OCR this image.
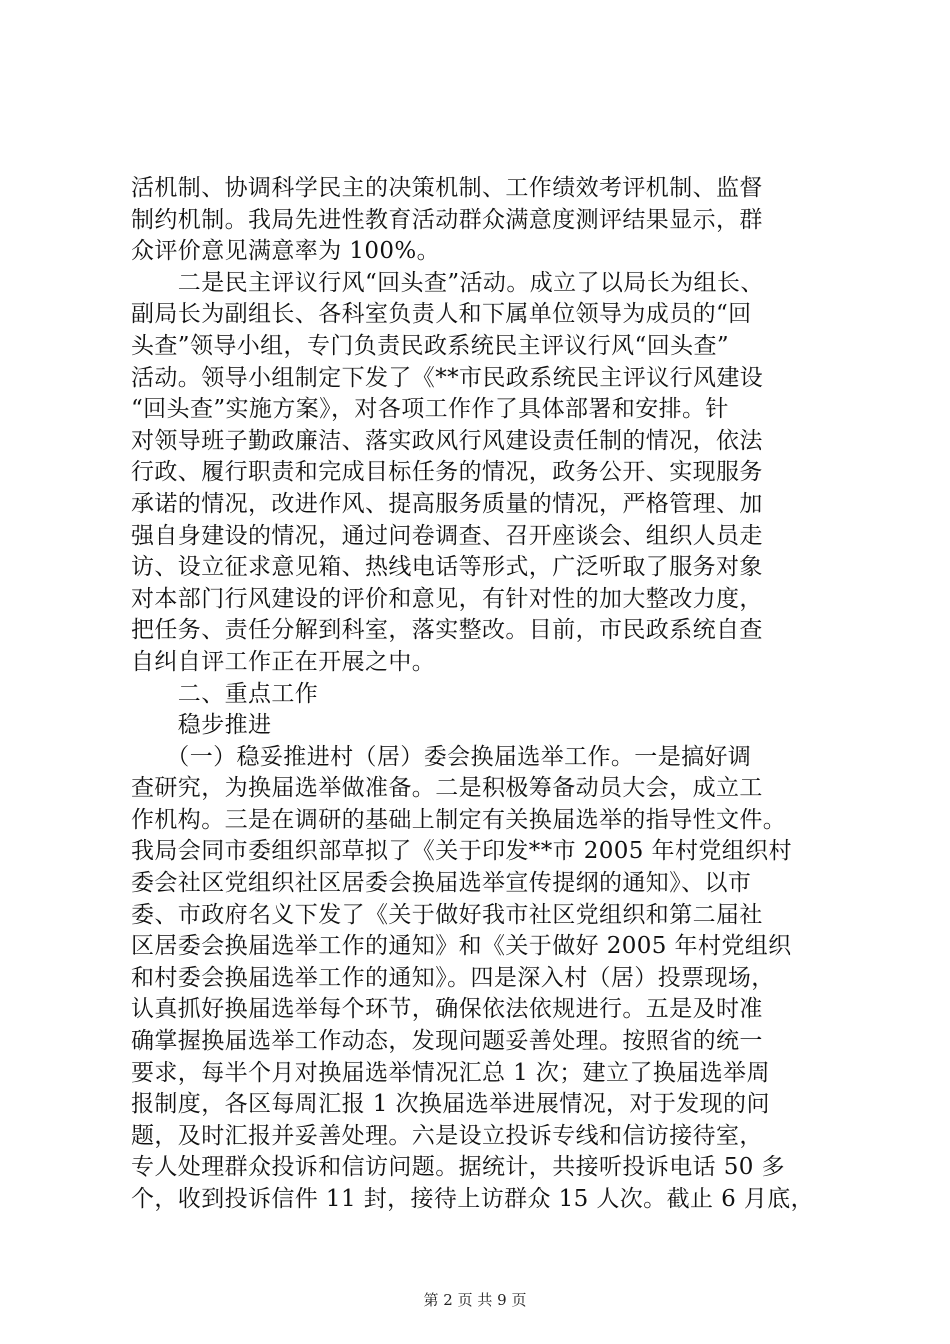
活机制、协调科学民主的决策机制、工作绩效考评机制、监督
制约机制。我局先进性教育活动群众满意度测评结果显示，群
众评价意见满意率为 100%。
　　二是民主评议行风“回头查”活动。成立了以局长为组长、
副局长为副组长、各科室负责人和下属单位领导为成员的“回
头查”领导小组，专门负责民政系统民主评议行风“回头查”
活动。领导小组制定下发了《**市民政系统民主评议行风建设
“回头查”实施方案》，对各项工作作了具体部署和安排。针
对领导班子勤政廉洁、落实政风行风建设责任制的情况，依法
行政、履行职责和完成目标任务的情况，政务公开、实现服务
承诺的情况，改进作风、提高服务质量的情况，严格管理、加
强自身建设的情况，通过问卷调查、召开座谈会、组织人员走
访、设立征求意见箱、热线电话等形式，广泛听取了服务对象
对本部门行风建设的评价和意见，有针对性的加大整改力度，
把任务、责任分解到科室，落实整改。目前，市民政系统自查
自纠自评工作正在开展之中。
　　二、重点工作
　　稳步推进
　　（一）稳妥推进村（居）委会换届选举工作。一是搞好调
查研究，为换届选举做准备。二是积极筹备动员大会，成立工
作机构。三是在调研的基础上制定有关换届选举的指导性文件。
我局会同市委组织部草拟了《关于印发**市 2005 年村党组织村
委会社区党组织社区居委会换届选举宣传提纲的通知》、以市
委、市政府名义下发了《关于做好我市社区党组织和第二届社
区居委会换届选举工作的通知》和《关于做好 2005 年村党组织
和村委会换届选举工作的通知》。四是深入村（居）投票现场，
认真抓好换届选举每个环节，确保依法依规进行。五是及时准
确掌握换届选举工作动态，发现问题妥善处理。按照省的统一
要求，每半个月对换届选举情况汇总 1 次；建立了换届选举周
报制度，各区每周汇报 1 次换届选举进展情况，对于发现的问
题，及时汇报并妥善处理。六是设立投诉专线和信访接待室，
专人处理群众投诉和信访问题。据统计，共接听投诉电话 50 多
个，收到投诉信件 11 封，接待上访群众 15 人次。截止 6 月底，
第 2 页 共 9 页
